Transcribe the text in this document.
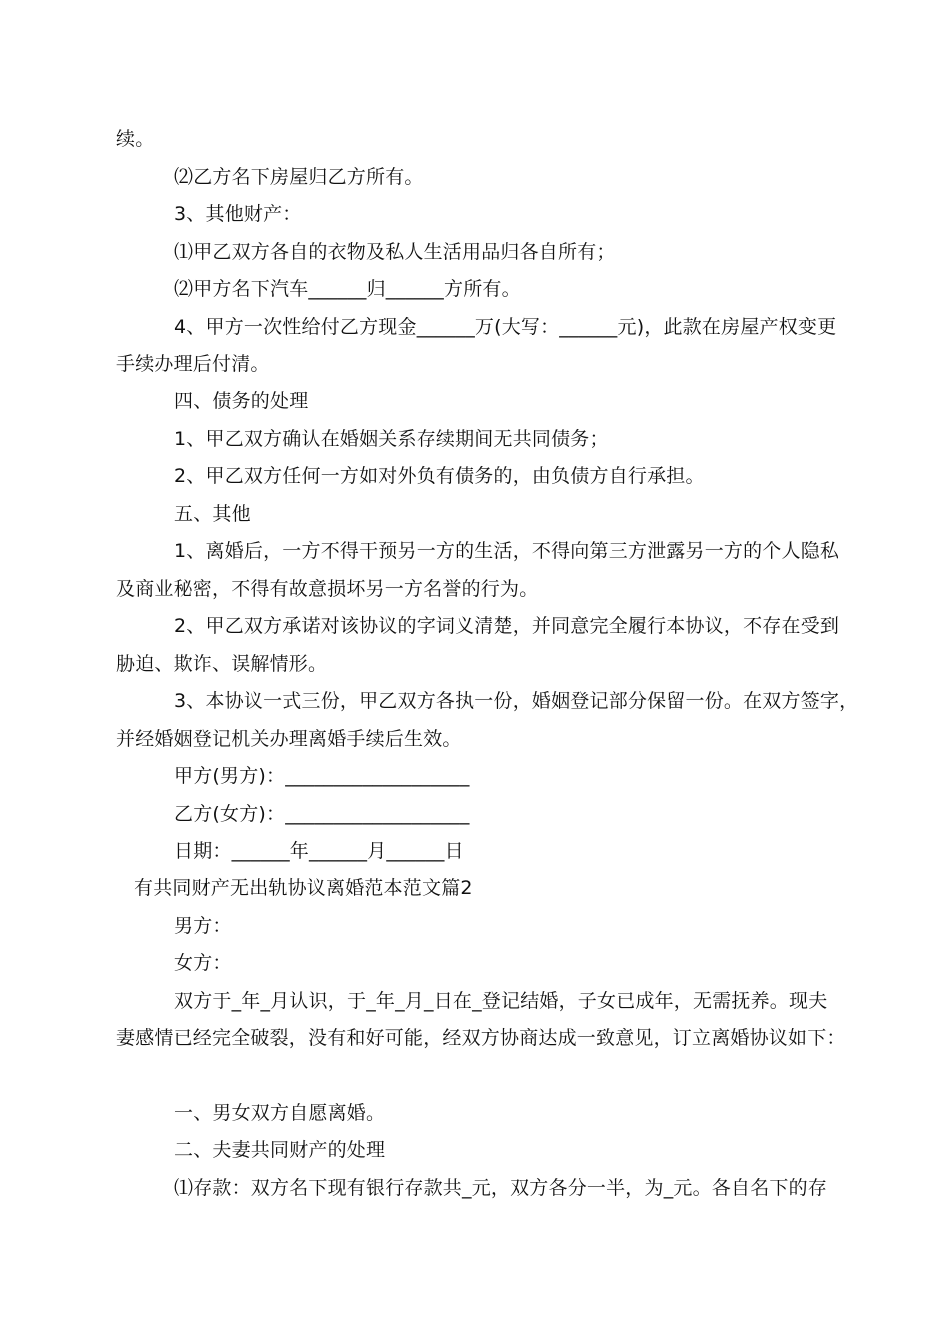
续。
⑵乙方名下房屋归乙方所有。
3、其他财产：
⑴甲乙双方各自的衣物及私人生活用品归各自所有；
⑵甲方名下汽车______归______方所有。
4、甲方一次性给付乙方现金______万(大写：______元)，此款在房屋产权变更
手续办理后付清。
四、债务的处理
1、甲乙双方确认在婚姻关系存续期间无共同债务；
2、甲乙双方任何一方如对外负有债务的，由负债方自行承担。
五、其他
1、离婚后，一方不得干预另一方的生活，不得向第三方泄露另一方的个人隐私
及商业秘密，不得有故意损坏另一方名誉的行为。
2、甲乙双方承诺对该协议的字词义清楚，并同意完全履行本协议，不存在受到
胁迫、欺诈、误解情形。
3、本协议一式三份，甲乙双方各执一份，婚姻登记部分保留一份。在双方签字，
并经婚姻登记机关办理离婚手续后生效。
甲方(男方)：___________________
乙方(女方)：___________________
日期：______年______月______日
有共同财产无出轨协议离婚范本范文篇2
男方：
女方：
双方于_年_月认识，于_年_月_日在_登记结婚，子女已成年，无需抚养。现夫
妻感情已经完全破裂，没有和好可能，经双方协商达成一致意见，订立离婚协议如下：
一、男女双方自愿离婚。
二、夫妻共同财产的处理
⑴存款：双方名下现有银行存款共_元，双方各分一半，为_元。各自名下的存
